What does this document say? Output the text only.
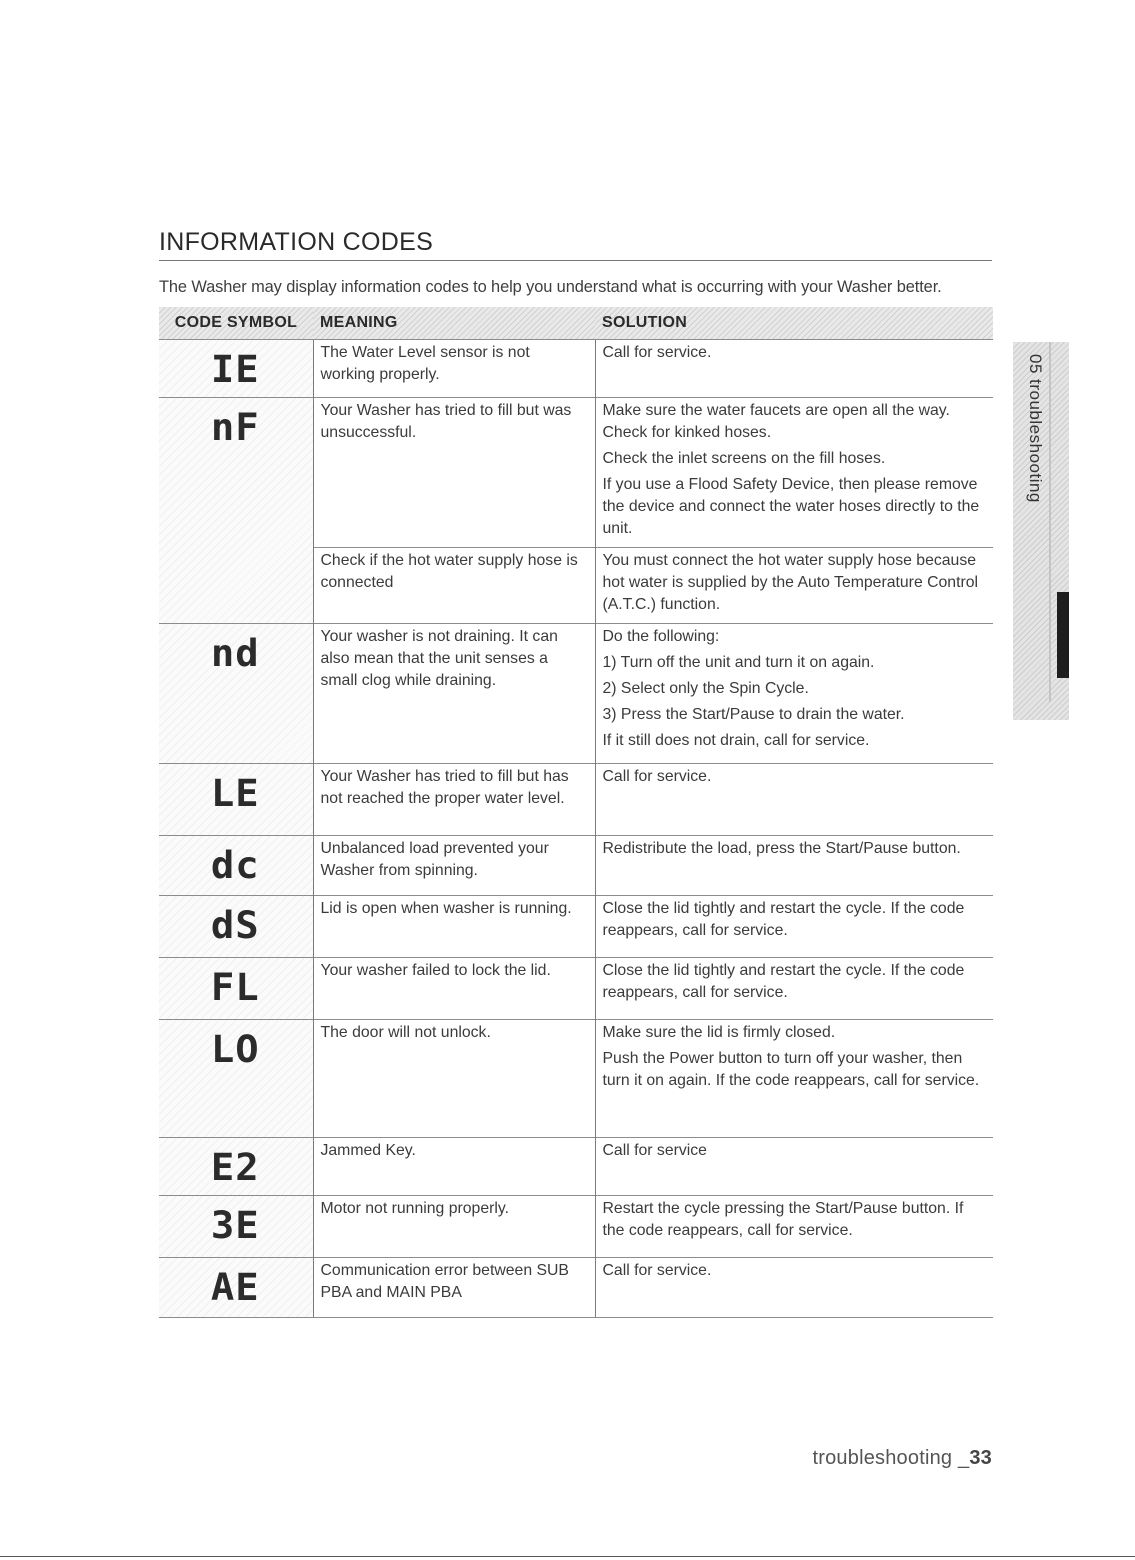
INFORMATION CODES
The Washer may display information codes to help you understand what is occurring with your Washer better.
CODE SYMBOL	MEANING	SOLUTION
IE	The Water Level sensor is not working properly.	Call for service.

nF	Your Washer has tried to fill but was unsuccessful.	Make sure the water faucets are open all the way. Check for kinked hoses.

Check the inlet screens on the fill hoses.

If you use a Flood Safety Device, then please remove the device and connect the water hoses directly to the unit.

	Check if the hot water supply hose is connected	You must connect the hot water supply hose because hot water is supplied by the Auto Temperature Control (A.T.C.) function.

nd	Your washer is not draining. It can also mean that the unit senses a small clog while draining.	Do the following:

1) Turn off the unit and turn it on again.

2) Select only the Spin Cycle.

3) Press the Start/Pause to drain the water.

If it still does not drain, call for service.

LE	Your Washer has tried to fill but has not reached the proper water level.	Call for service.

dc	Unbalanced load prevented your Washer from spinning.	Redistribute the load, press the Start/Pause button.

dS	Lid is open when washer is running.	Close the lid tightly and restart the cycle. If the code reappears, call for service.

FL	Your washer failed to lock the lid.	Close the lid tightly and restart the cycle. If the code reappears, call for service.

LO	The door will not unlock.	Make sure the lid is firmly closed.

Push the Power button to turn off your washer, then turn it on again. If the code reappears, call for service.

E2	Jammed Key.	Call for service

3E	Motor not running properly.	Restart the cycle pressing the Start/Pause button. If the code reappears, call for service.

AE	Communication error between SUB PBA and MAIN PBA	Call for service.

05 troubleshooting
troubleshooting _33
